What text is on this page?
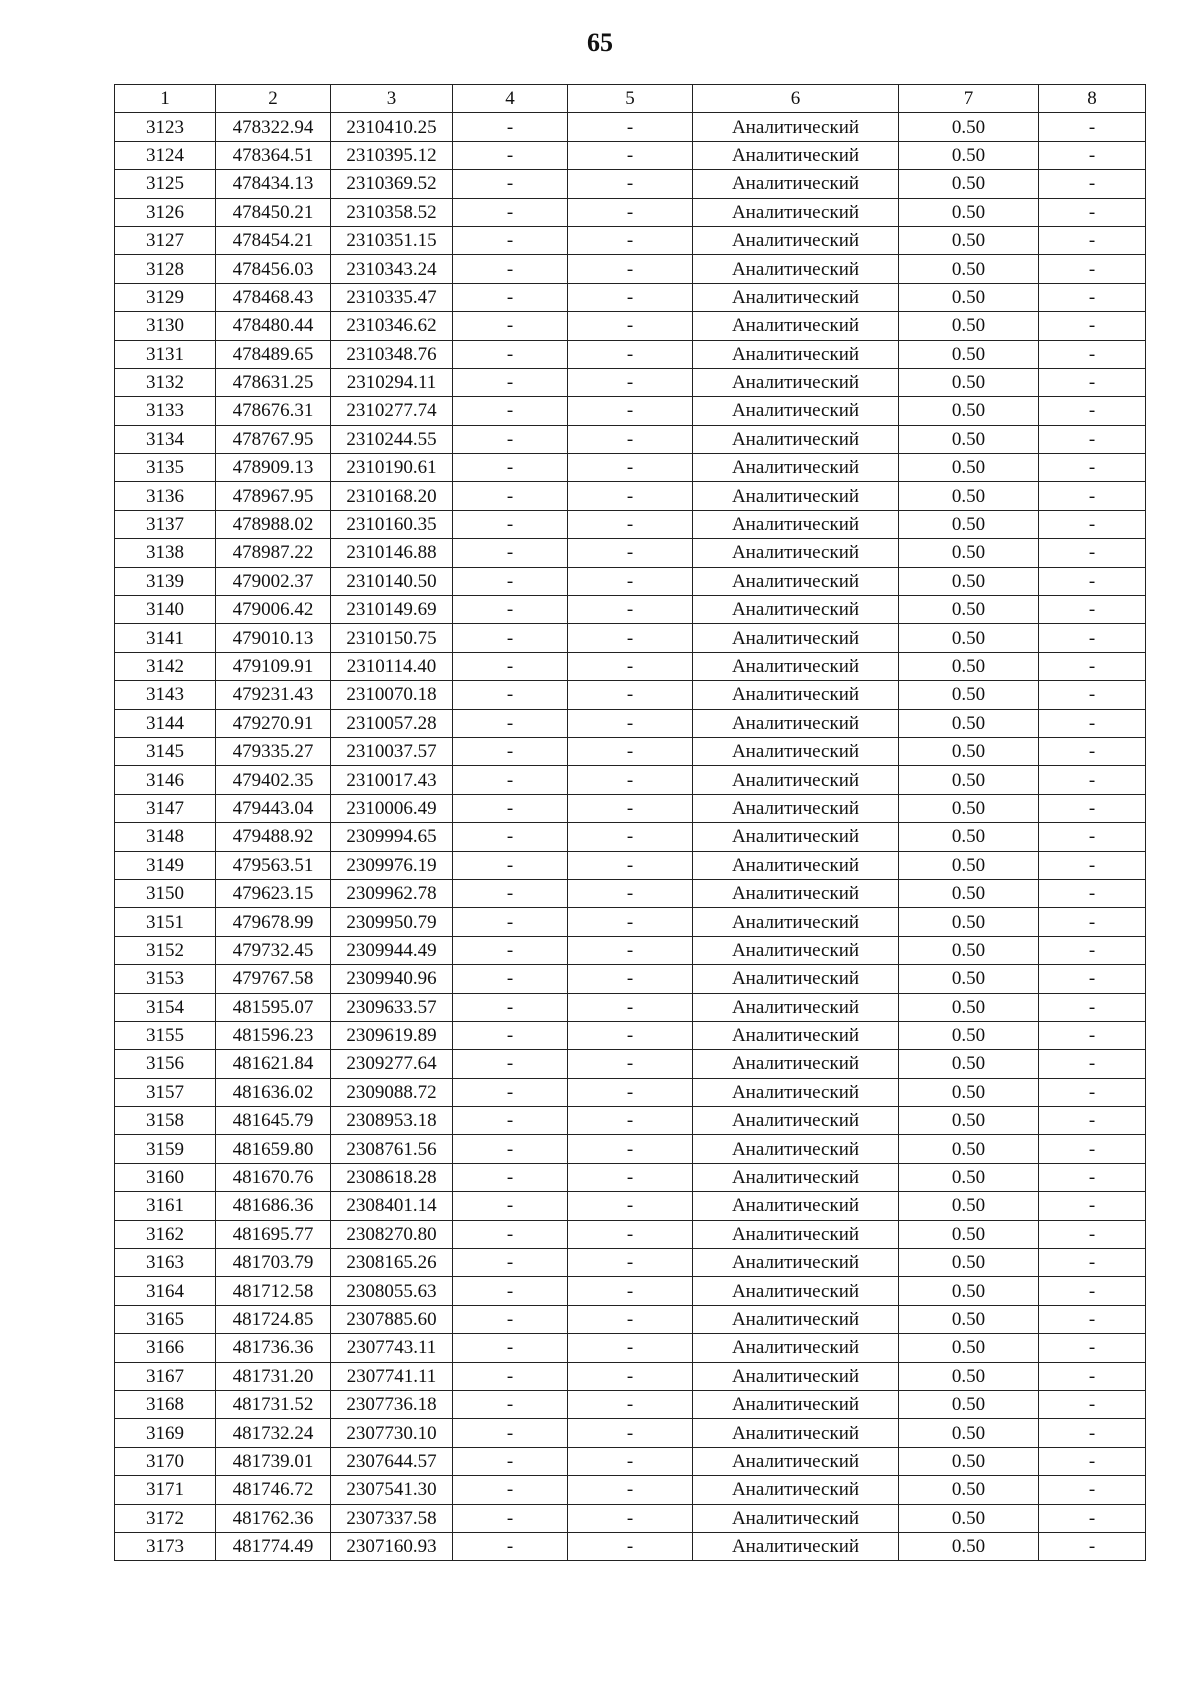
65
1	2	3	4	5	6	7	8
3123	478322.94	2310410.25	-	-	Аналитический	0.50	-
3124	478364.51	2310395.12	-	-	Аналитический	0.50	-
3125	478434.13	2310369.52	-	-	Аналитический	0.50	-
3126	478450.21	2310358.52	-	-	Аналитический	0.50	-
3127	478454.21	2310351.15	-	-	Аналитический	0.50	-
3128	478456.03	2310343.24	-	-	Аналитический	0.50	-
3129	478468.43	2310335.47	-	-	Аналитический	0.50	-
3130	478480.44	2310346.62	-	-	Аналитический	0.50	-
3131	478489.65	2310348.76	-	-	Аналитический	0.50	-
3132	478631.25	2310294.11	-	-	Аналитический	0.50	-
3133	478676.31	2310277.74	-	-	Аналитический	0.50	-
3134	478767.95	2310244.55	-	-	Аналитический	0.50	-
3135	478909.13	2310190.61	-	-	Аналитический	0.50	-
3136	478967.95	2310168.20	-	-	Аналитический	0.50	-
3137	478988.02	2310160.35	-	-	Аналитический	0.50	-
3138	478987.22	2310146.88	-	-	Аналитический	0.50	-
3139	479002.37	2310140.50	-	-	Аналитический	0.50	-
3140	479006.42	2310149.69	-	-	Аналитический	0.50	-
3141	479010.13	2310150.75	-	-	Аналитический	0.50	-
3142	479109.91	2310114.40	-	-	Аналитический	0.50	-
3143	479231.43	2310070.18	-	-	Аналитический	0.50	-
3144	479270.91	2310057.28	-	-	Аналитический	0.50	-
3145	479335.27	2310037.57	-	-	Аналитический	0.50	-
3146	479402.35	2310017.43	-	-	Аналитический	0.50	-
3147	479443.04	2310006.49	-	-	Аналитический	0.50	-
3148	479488.92	2309994.65	-	-	Аналитический	0.50	-
3149	479563.51	2309976.19	-	-	Аналитический	0.50	-
3150	479623.15	2309962.78	-	-	Аналитический	0.50	-
3151	479678.99	2309950.79	-	-	Аналитический	0.50	-
3152	479732.45	2309944.49	-	-	Аналитический	0.50	-
3153	479767.58	2309940.96	-	-	Аналитический	0.50	-
3154	481595.07	2309633.57	-	-	Аналитический	0.50	-
3155	481596.23	2309619.89	-	-	Аналитический	0.50	-
3156	481621.84	2309277.64	-	-	Аналитический	0.50	-
3157	481636.02	2309088.72	-	-	Аналитический	0.50	-
3158	481645.79	2308953.18	-	-	Аналитический	0.50	-
3159	481659.80	2308761.56	-	-	Аналитический	0.50	-
3160	481670.76	2308618.28	-	-	Аналитический	0.50	-
3161	481686.36	2308401.14	-	-	Аналитический	0.50	-
3162	481695.77	2308270.80	-	-	Аналитический	0.50	-
3163	481703.79	2308165.26	-	-	Аналитический	0.50	-
3164	481712.58	2308055.63	-	-	Аналитический	0.50	-
3165	481724.85	2307885.60	-	-	Аналитический	0.50	-
3166	481736.36	2307743.11	-	-	Аналитический	0.50	-
3167	481731.20	2307741.11	-	-	Аналитический	0.50	-
3168	481731.52	2307736.18	-	-	Аналитический	0.50	-
3169	481732.24	2307730.10	-	-	Аналитический	0.50	-
3170	481739.01	2307644.57	-	-	Аналитический	0.50	-
3171	481746.72	2307541.30	-	-	Аналитический	0.50	-
3172	481762.36	2307337.58	-	-	Аналитический	0.50	-
3173	481774.49	2307160.93	-	-	Аналитический	0.50	-
